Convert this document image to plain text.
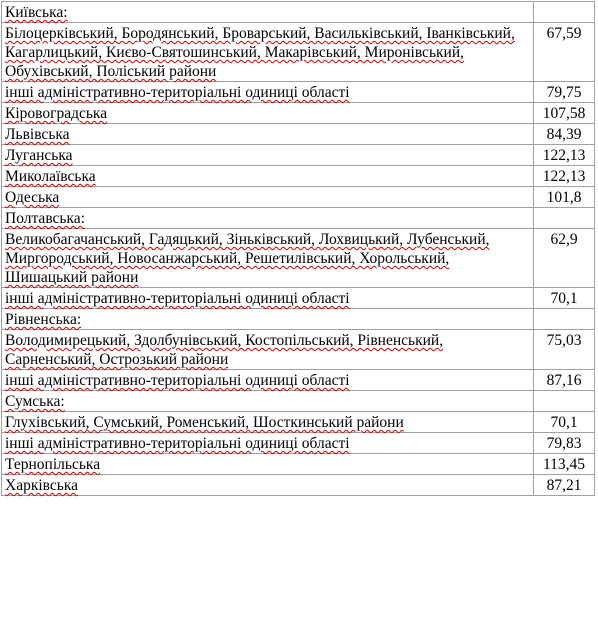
Київська:	
Білоцерківський, Бородянський, Броварський, Васильківський, Іванківський, Кагарлицький, Києво-Святошинський, Макарівський, Миронівський, Обухівський, Поліський райони	67,59
інші адміністративно-територіальні одиниці області	79,75
Кіровоградська	107,58
Львівська	84,39
Луганська	122,13
Миколаївська	122,13
Одеська	101,8
Полтавська:	
Великобагачанський, Гадяцький, Зіньківський, Лохвицький, Лубенський, Миргородський, Новосанжарський, Решетилівський, Хорольський, Шишацький райони	62,9
інші адміністративно-територіальні одиниці області	70,1
Рівненська:	
Володимирецький, Здолбунівський, Костопільський, Рівненський, Сарненський, Острозький райони	75,03
інші адміністративно-територіальні одиниці області	87,16
Сумська:	
Глухівський, Сумський, Роменський, Шосткинський райони	70,1
інші адміністративно-територіальні одиниці області	79,83
Тернопільська	113,45
Харківська	87,21
